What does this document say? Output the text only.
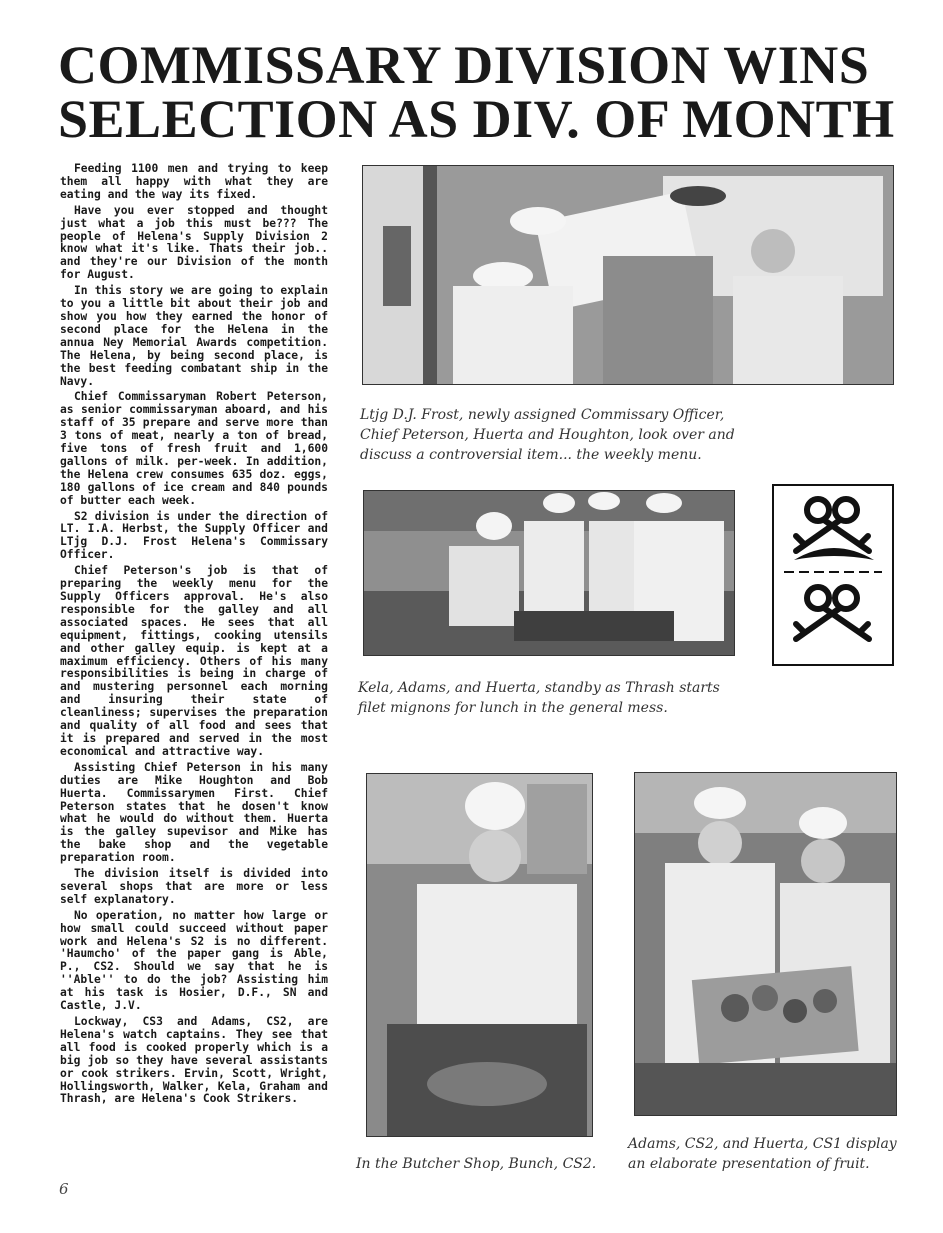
COMMISSARY DIVISION WINS
SELECTION AS DIV. OF MONTH

Feeding 1100 men and trying to keep them all happy with what they are eating and the way its fixed.

Have you ever stopped and thought just what a job this must be??? The people of Helena's Supply Division 2 know what it's like. Thats their job.. and they're our Division of the month for August.

In this story we are going to explain to you a little bit about their job and show you how they earned the honor of second place for the Helena in the annua Ney Memorial Awards competition. The Helena, by being second place, is the best feeding combatant ship in the Navy.

Chief Commissaryman Robert Peterson, as senior commissaryman aboard, and his staff of 35 prepare and serve more than 3 tons of meat, nearly a ton of bread, five tons of fresh fruit and 1,600 gallons of milk. per-week. In addition, the Helena crew consumes 635 doz. eggs, 180 gallons of ice cream and 840 pounds of butter each week.

S2 division is under the direction of LT. I.A. Herbst, the Supply Officer and LTjg D.J. Frost Helena's Commissary Officer.

Chief Peterson's job is that of preparing the weekly menu for the Supply Officers approval. He's also responsible for the galley and all associated spaces. He sees that all equipment, fittings, cooking utensils and other galley equip. is kept at a maximum efficiency. Others of his many responsibilities is being in charge of and mustering personnel each morning and insuring their state of cleanliness; supervises the preparation and quality of all food and sees that it is prepared and served in the most economical and attractive way.

Assisting Chief Peterson in his many duties are Mike Houghton and Bob Huerta. Commissarymen First. Chief Peterson states that he dosen't know what he would do without them. Huerta is the galley supevisor and Mike has the bake shop and the vegetable preparation room.

The division itself is divided into several shops that are more or less self explanatory.

No operation, no matter how large or how small could succeed without paper work and Helena's S2 is no different. 'Haumcho' of the paper gang is Able, P., CS2. Should we say that he is ''Able'' to do the job? Assisting him at his task is Hosier, D.F., SN and Castle, J.V.

Lockway, CS3 and Adams, CS2, are Helena's watch captains. They see that all food is cooked properly which is a big job so they have several assistants or cook strikers. Ervin, Scott, Wright, Hollingsworth, Walker, Kela, Graham and Thrash, are Helena's Cook Strikers.

Ltjg D.J. Frost, newly assigned Commissary Officer, Chief Peterson, Huerta and Houghton, look over and discuss a controversial item... the weekly menu.
Kela, Adams, and Huerta, standby as Thrash starts filet mignons for lunch in the general mess.
In the Butcher Shop, Bunch, CS2.
Adams, CS2, and Huerta, CS1 display an elaborate presentation of fruit.
6
